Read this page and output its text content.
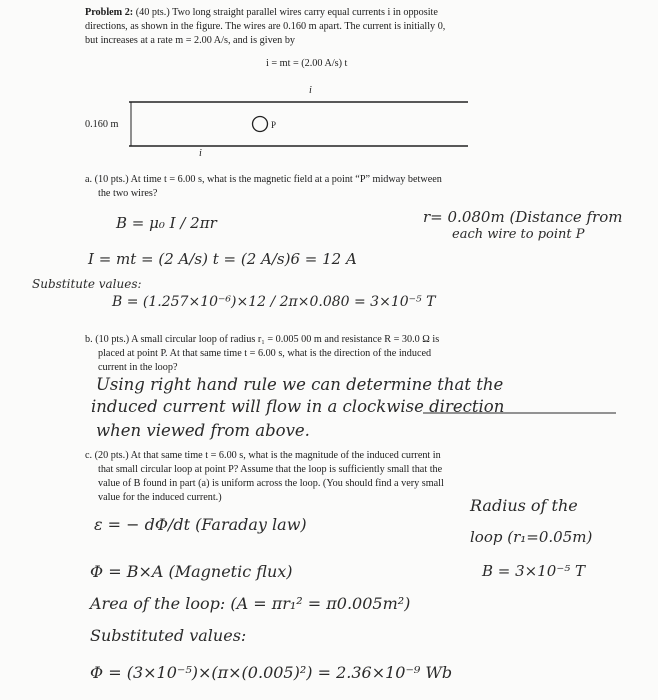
Problem 2: (40 pts.) Two long straight parallel wires carry equal currents i in opposite
directions, as shown in the figure. The wires are 0.160 m apart. The current is initially 0,
but increases at a rate m = 2.00 A/s, and is given by
i = mt = (2.00 A/s) t
i
i
0.160 m	P
a. (10 pts.) At time t = 6.00 s, what is the magnetic field at a point “P” midway between
the two wires?
r= 0.080m (Distance from
each wire to point P
B = μ₀ I / 2πr
I = mt = (2 A/s) t = (2 A/s)6 = 12 A
Substitute values:
B = (1.257×10⁻⁶)×12 / 2π×0.080 = 3×10⁻⁵ T
b. (10 pts.) A small circular loop of radius r₁ = 0.005 00 m and resistance R = 30.0 Ω is
placed at point P. At that same time t = 6.00 s, what is the direction of the induced
current in the loop?
Using right hand rule we can determine that the
induced current will flow in a clockwise direction
when viewed from above.
c. (20 pts.) At that same time t = 6.00 s, what is the magnitude of the induced current in
that small circular loop at point P? Assume that the loop is sufficiently small that the
value of B found in part (a) is uniform across the loop. (You should find a very small
value for the induced current.)	Radius of the
loop (r₁=0.05m)
B = 3×10⁻⁵ T
ε = − dΦ/dt (Faraday law)
Φ = B×A (Magnetic flux)
Area of the loop: (A = πr₁² = π0.005m²)
Substituted values:
Φ = (3×10⁻⁵)×(π×(0.005)²) = 2.36×10⁻⁹ Wb
